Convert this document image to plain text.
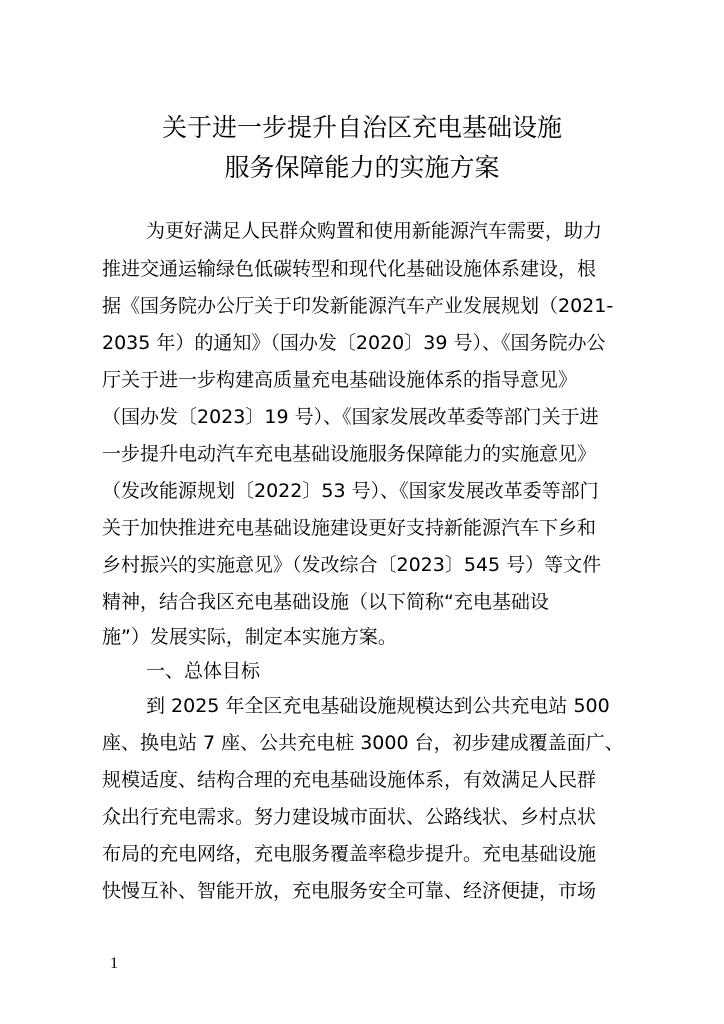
关于进一步提升自治区充电基础设施
服务保障能力的实施方案
为更好满足人民群众购置和使用新能源汽车需要，助力
推进交通运输绿色低碳转型和现代化基础设施体系建设，根
据《国务院办公厅关于印发新能源汽车产业发展规划（2021-
2035 年）的通知》（国办发〔2020〕39 号）、《国务院办公
厅关于进一步构建高质量充电基础设施体系的指导意见》
（国办发〔2023〕19 号）、《国家发展改革委等部门关于进
一步提升电动汽车充电基础设施服务保障能力的实施意见》
（发改能源规划〔2022〕53 号）、《国家发展改革委等部门
关于加快推进充电基础设施建设更好支持新能源汽车下乡和
乡村振兴的实施意见》（发改综合〔2023〕545 号）等文件
精神，结合我区充电基础设施（以下简称“充电基础设
施”）发展实际，制定本实施方案。
一、总体目标
到 2025 年全区充电基础设施规模达到公共充电站 500
座、换电站 7 座、公共充电桩 3000 台，初步建成覆盖面广、
规模适度、结构合理的充电基础设施体系，有效满足人民群
众出行充电需求。努力建设城市面状、公路线状、乡村点状
布局的充电网络，充电服务覆盖率稳步提升。充电基础设施
快慢互补、智能开放，充电服务安全可靠、经济便捷，市场
1
